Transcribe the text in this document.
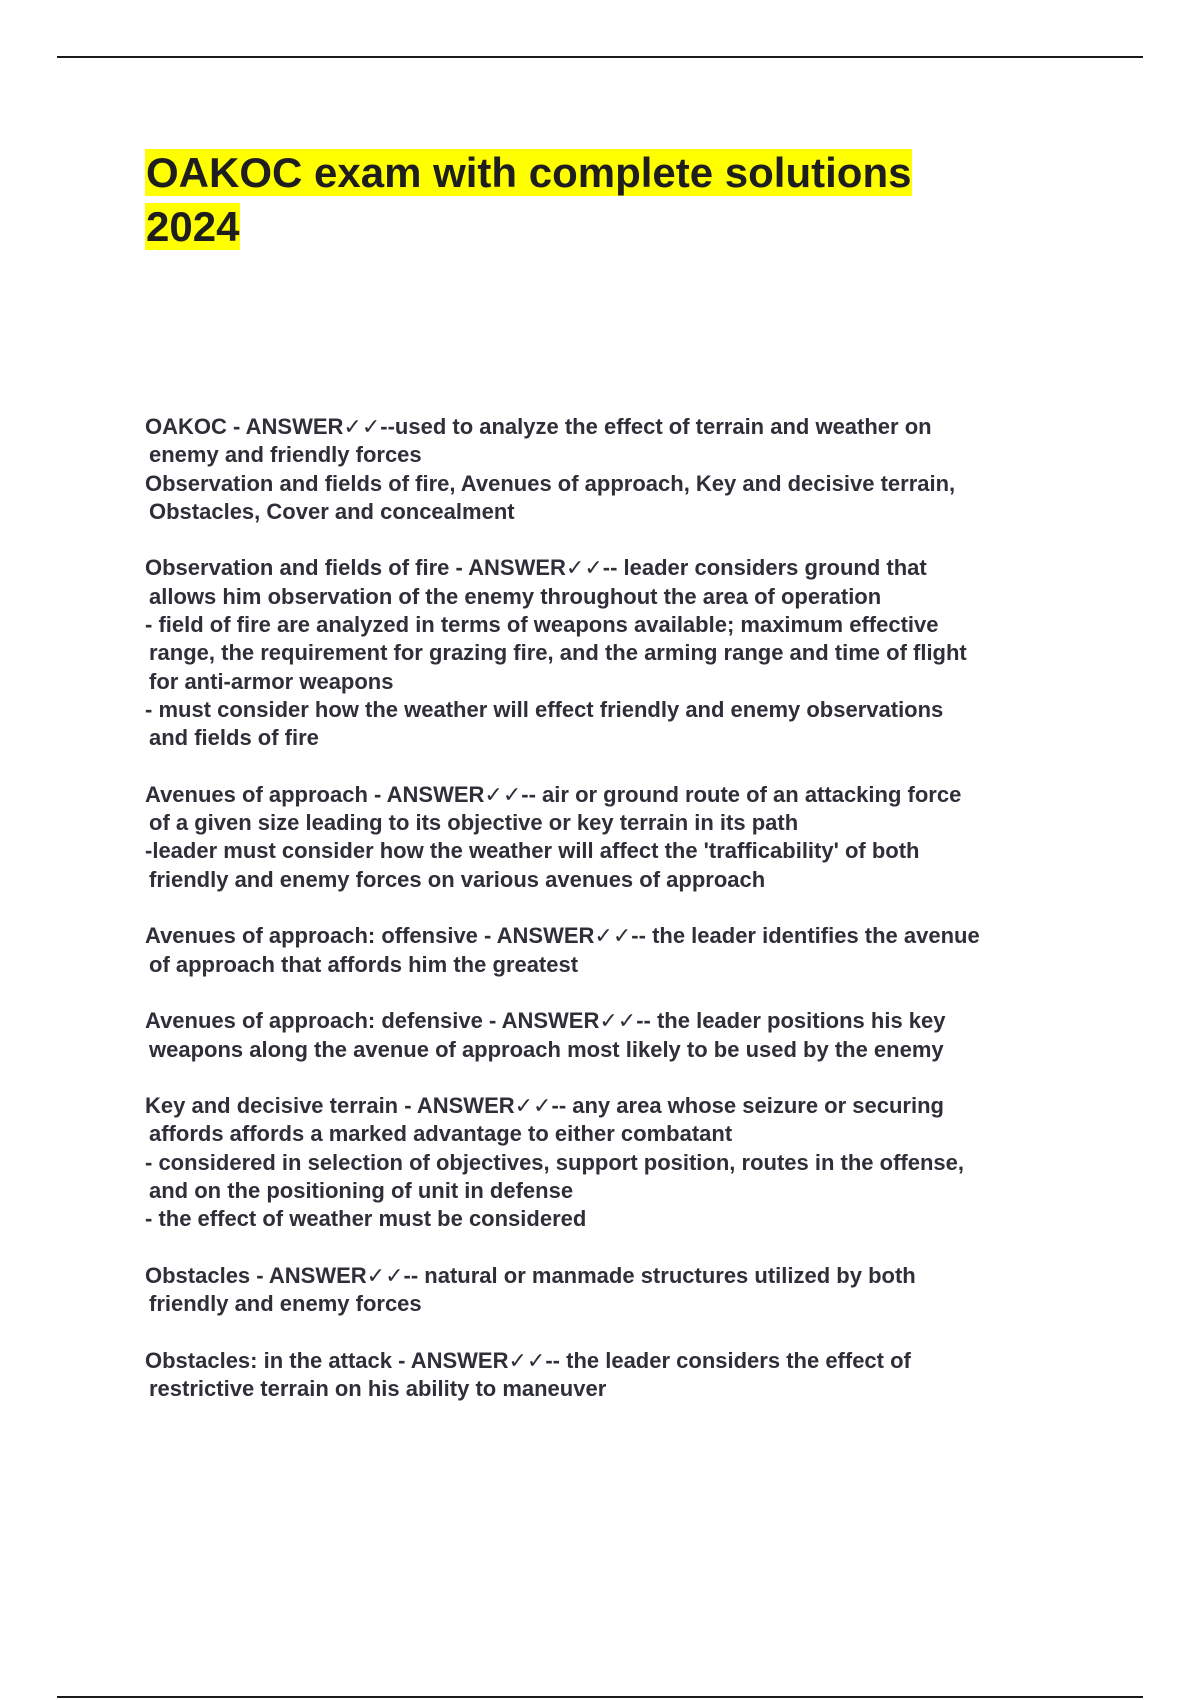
OAKOC exam with complete solutions
2024
OAKOC - ANSWER✓✓--used to analyze the effect of terrain and weather on
enemy and friendly forces
Observation and fields of fire, Avenues of approach, Key and decisive terrain,
Obstacles, Cover and concealment
Observation and fields of fire - ANSWER✓✓-- leader considers ground that
allows him observation of the enemy throughout the area of operation
- field of fire are analyzed in terms of weapons available; maximum effective
range, the requirement for grazing fire, and the arming range and time of flight
for anti-armor weapons
- must consider how the weather will effect friendly and enemy observations
and fields of fire
Avenues of approach - ANSWER✓✓-- air or ground route of an attacking force
of a given size leading to its objective or key terrain in its path
-leader must consider how the weather will affect the 'trafficability' of both
friendly and enemy forces on various avenues of approach
Avenues of approach: offensive - ANSWER✓✓-- the leader identifies the avenue
of approach that affords him the greatest
Avenues of approach: defensive - ANSWER✓✓-- the leader positions his key
weapons along the avenue of approach most likely to be used by the enemy
Key and decisive terrain - ANSWER✓✓-- any area whose seizure or securing
affords affords a marked advantage to either combatant
- considered in selection of objectives, support position, routes in the offense,
and on the positioning of unit in defense
- the effect of weather must be considered
Obstacles - ANSWER✓✓-- natural or manmade structures utilized by both
friendly and enemy forces
Obstacles: in the attack - ANSWER✓✓-- the leader considers the effect of
restrictive terrain on his ability to maneuver
